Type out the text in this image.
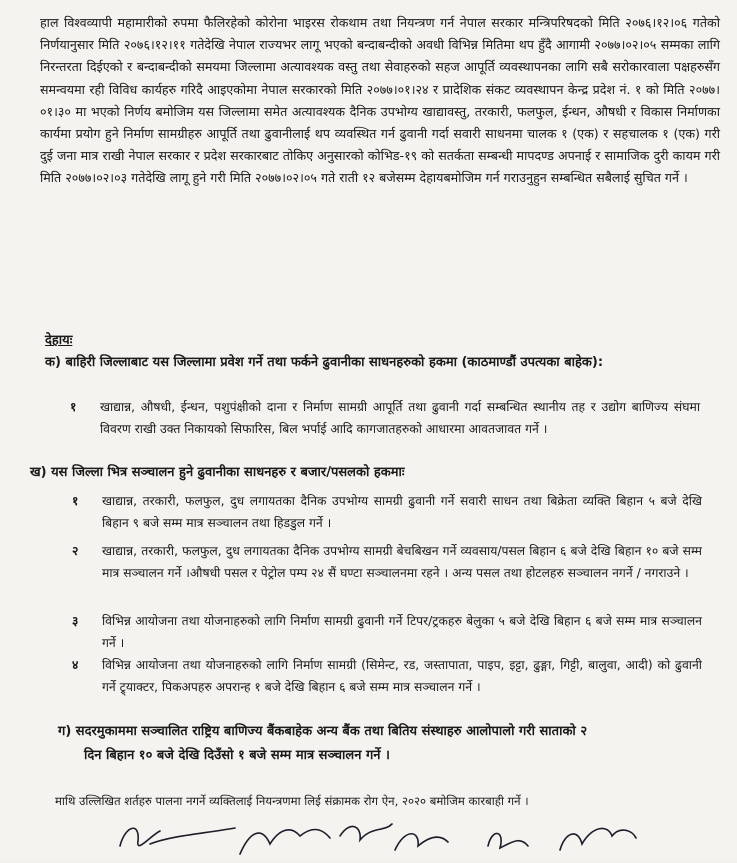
हाल विश्वव्यापी महामारीको रुपमा फैलिरहेको कोरोना भाइरस रोकथाम तथा नियन्त्रण गर्न नेपाल सरकार मन्त्रिपरिषदको मिति २०७६।१२।०६ गतेको निर्णयानुसार मिति २०७६।१२।११ गतेदेखि नेपाल राज्यभर लागू भएको बन्दाबन्दीको अवधी विभिन्न मितिमा थप हुँदै आगामी २०७७।०२।०५ सम्मका लागि निरन्तरता दिईएको र बन्दाबन्दीको समयमा जिल्लामा अत्यावश्यक वस्तु तथा सेवाहरुको सहज आपूर्ति व्यवस्थापनका लागि सबै सरोकारवाला पक्षहरुसँग समन्वयमा रही विविध कार्यहरु गरिदै आइएकोमा नेपाल सरकारको मिति २०७७।०१।२४ र प्रादेशिक संकट व्यवस्थापन केन्द्र प्रदेश नं. १ को मिति २०७७।०१।३० मा भएको निर्णय बमोजिम यस जिल्लामा समेत अत्यावश्यक दैनिक उपभोग्य खाद्यावस्तु, तरकारी, फलफुल, ईन्धन, औषधी र विकास निर्माणका कार्यमा प्रयोग हुने निर्माण सामग्रीहरु आपूर्ति तथा ढुवानीलाई थप व्यवस्थित गर्न ढुवानी गर्दा सवारी साधनमा चालक १ (एक) र सहचालक १ (एक) गरी दुई जना मात्र राखी नेपाल सरकार र प्रदेश सरकारबाट तोकिए अनुसारको कोभिड-१९ को सतर्कता सम्बन्धी मापदण्ड अपनाई र सामाजिक दुरी कायम गरी मिति २०७७।०२।०३ गतेदेखि लागू हुने गरी मिति २०७७।०२।०५ गते राती १२ बजेसम्म देहायबमोजिम गर्न गराउनुहुन सम्बन्धित सबैलाई सुचित गर्ने ।
देहायः
क) बाहिरी जिल्लाबाट यस जिल्लामा प्रवेश गर्ने तथा फर्कने ढुवानीका साधनहरुको हकमा (काठमाण्डौं उपत्यका बाहेक):
१	खाद्यान्न, औषधी, ईन्धन, पशुपंक्षीको दाना र निर्माण सामग्री आपूर्ति तथा ढुवानी गर्दा सम्बन्धित स्थानीय तह र उद्योग बाणिज्य संघमा विवरण राखी उक्त निकायको सिफारिस, बिल भर्पाई आदि कागजातहरुको आधारमा आवतजावत गर्ने ।
ख) यस जिल्ला भित्र सञ्चालन हुने ढुवानीका साधनहरु र बजार/पसलको हकमाः
१	खाद्यान्न, तरकारी, फलफुल, दुध लगायतका दैनिक उपभोग्य सामग्री ढुवानी गर्ने सवारी साधन तथा बिक्रेता व्यक्ति बिहान ५ बजे देखि बिहान ९ बजे सम्म मात्र सञ्चालन तथा हिडडुल गर्ने ।
२	खाद्यान्न, तरकारी, फलफुल, दुध लगायतका दैनिक उपभोग्य सामग्री बेचबिखन गर्ने व्यवसाय/पसल बिहान ६ बजे देखि बिहान १० बजे सम्म मात्र सञ्चालन गर्ने ।औषधी पसल र पेट्रोल पम्प २४ सैं घण्टा सञ्चालनमा रहने । अन्य पसल तथा होटलहरु सञ्चालन नगर्ने / नगराउने ।
३	विभिन्न आयोजना तथा योजनाहरुको लागि निर्माण सामग्री ढुवानी गर्ने टिपर/ट्रकहरु बेलुका ५ बजे देखि बिहान ६ बजे सम्म मात्र सञ्चालन गर्ने ।
४	विभिन्न आयोजना तथा योजनाहरुको लागि निर्माण सामग्री (सिमेन्ट, रड, जस्तापाता, पाइप, इट्टा, ढुङ्गा, गिट्टी, बालुवा, आदी) को ढुवानी गर्ने ट्र्याक्टर, पिकअपहरु अपरान्ह १ बजे देखि बिहान ६ बजे सम्म मात्र सञ्चालन गर्ने ।
ग) सदरमुकाममा सञ्चालित राष्ट्रिय बाणिज्य बैंकबाहेक अन्य बैंक तथा बितिय संस्थाहरु आलोपालो गरी साताको २
दिन बिहान १० बजे देखि दिउँसो १ बजे सम्म मात्र सञ्चालन गर्ने ।
माथि उल्लिखित शर्तहरु पालना नगर्ने व्यक्तिलाई नियन्त्रणमा लिई संक्रामक रोग ऐन, २०२० बमोजिम कारबाही गर्ने ।
